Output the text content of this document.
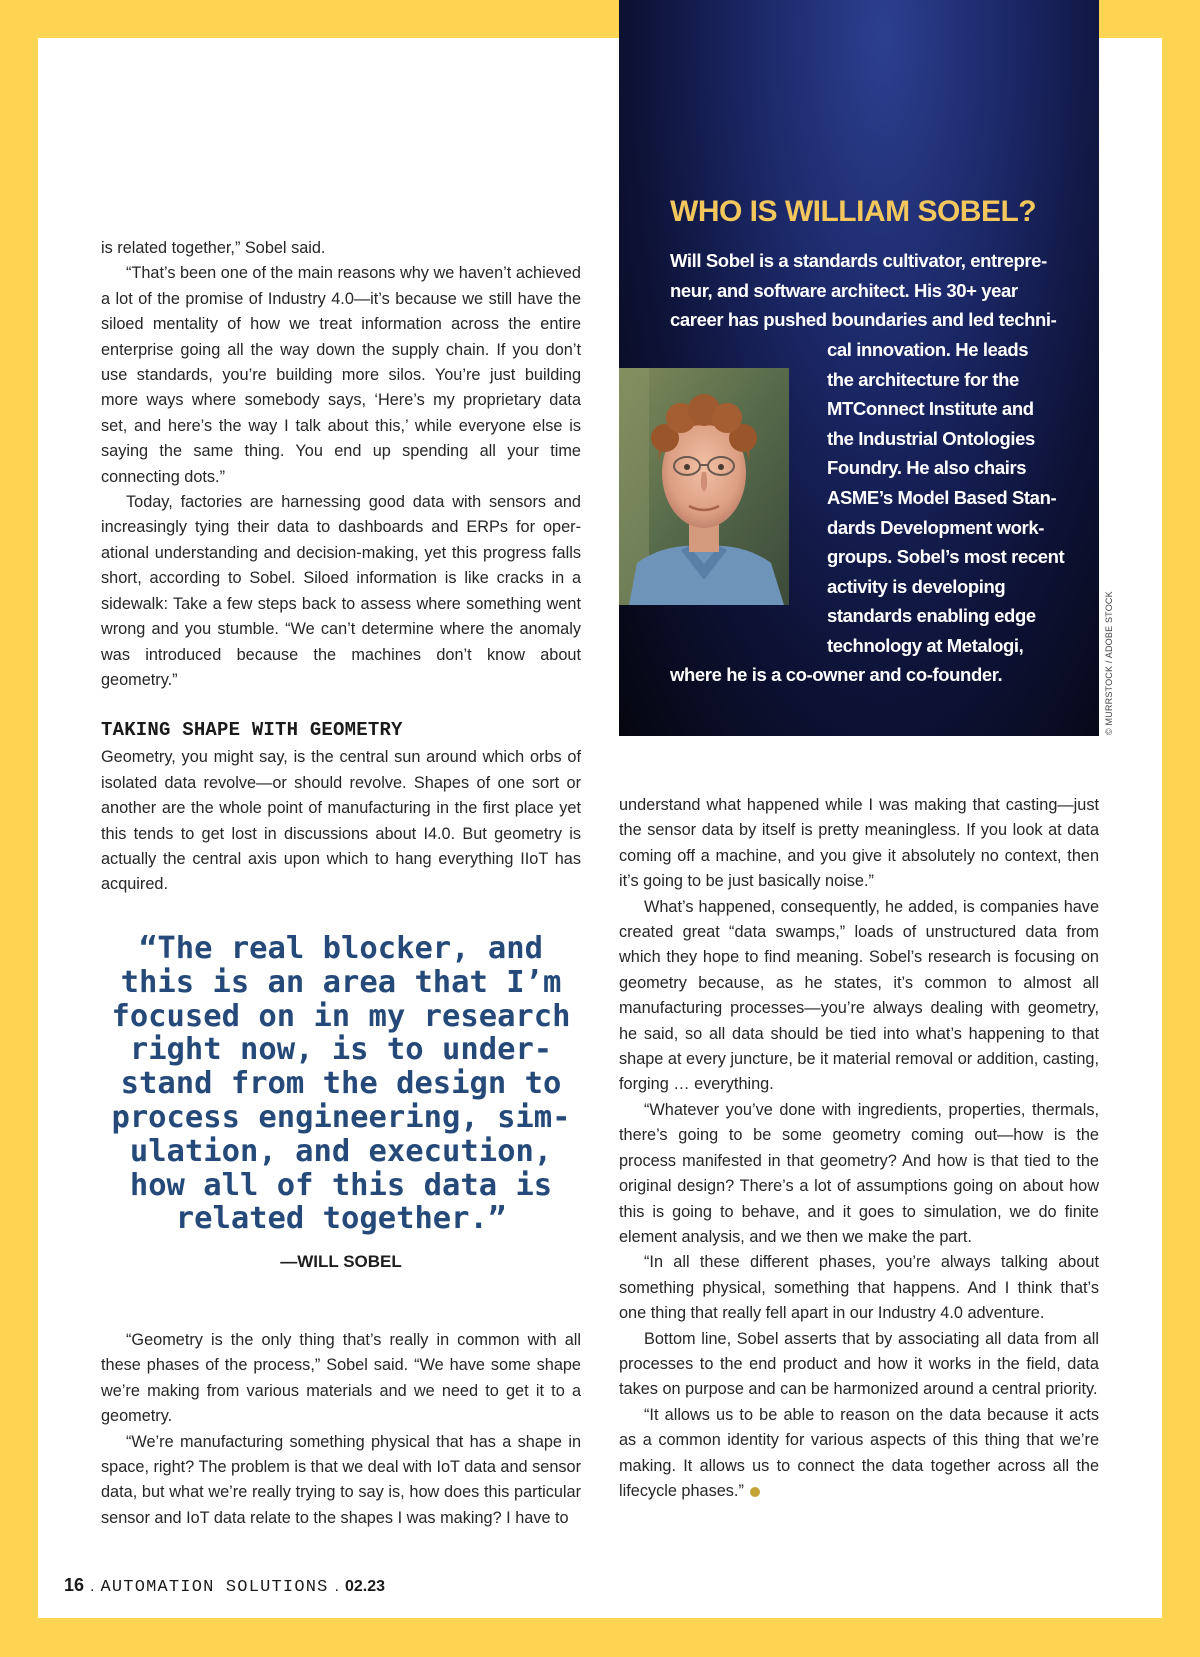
is related together,” Sobel said.

“That’s been one of the main reasons why we haven’t achieved a lot of the promise of Industry 4.0—it’s because we still have the siloed mentality of how we treat information across the entire enterprise going all the way down the supply chain. If you don’t use standards, you’re building more silos. You’re just building more ways where somebody says, ‘Here’s my proprietary data set, and here’s the way I talk about this,’ while everyone else is saying the same thing. You end up spending all your time connecting dots.”

Today, factories are harnessing good data with sensors and increasingly tying their data to dashboards and ERPs for operational understanding and decision-making, yet this progress falls short, according to Sobel. Siloed information is like cracks in a sidewalk: Take a few steps back to assess where something went wrong and you stumble. “We can’t determine where the anomaly was introduced because the machines don’t know about geometry.”

TAKING SHAPE WITH GEOMETRY

Geometry, you might say, is the central sun around which orbs of isolated data revolve—or should revolve. Shapes of one sort or another are the whole point of manufacturing in the first place yet this tends to get lost in discussions about I4.0. But geometry is actually the central axis upon which to hang everything IIoT has acquired.

“The real blocker, and
this is an area that I’m
focused on in my research
right now, is to under-
stand from the design to
process engineering, sim-
ulation, and execution,
how all of this data is
related together.”
—WILL SOBEL

“Geometry is the only thing that’s really in common with all these phases of the process,” Sobel said. “We have some shape we’re making from various materials and we need to get it to a geometry.

“We’re manufacturing something physical that has a shape in space, right? The problem is that we deal with IoT data and sensor data, but what we’re really trying to say is, how does this particular sensor and IoT data relate to the shapes I was making? I have to

WHO IS WILLIAM SOBEL?
Will Sobel is a standards cultivator, entrepre-
neur, and software architect. His 30+ year
career has pushed boundaries and led techni-
cal innovation. He leads
the architecture for the
MTConnect Institute and
the Industrial Ontologies
Foundry. He also chairs
ASME’s Model Based Stan-
dards Development work-
groups. Sobel’s most recent
activity is developing
standards enabling edge
technology at Metalogi,
where he is a co-owner and co-founder.	© MURRSTOCK / ADOBE STOCK

understand what happened while I was making that casting—just the sensor data by itself is pretty meaningless. If you look at data coming off a machine, and you give it absolutely no context, then it’s going to be just basically noise.”

What’s happened, consequently, he added, is companies have created great “data swamps,” loads of unstructured data from which they hope to find meaning. Sobel’s research is focusing on geometry because, as he states, it’s common to almost all manufacturing processes—you’re always dealing with geometry, he said, so all data should be tied into what’s happening to that shape at every juncture, be it material removal or addition, casting, forging … everything.

“Whatever you’ve done with ingredients, properties, thermals, there’s going to be some geometry coming out—how is the process manifested in that geometry? And how is that tied to the original design? There’s a lot of assumptions going on about how this is going to behave, and it goes to simulation, we do finite element analysis, and we then we make the part.

“In all these different phases, you’re always talking about something physical, something that happens. And I think that’s one thing that really fell apart in our Industry 4.0 adventure.

Bottom line, Sobel asserts that by associating all data from all processes to the end product and how it works in the field, data takes on purpose and can be harmonized around a central priority.

“It allows us to be able to reason on the data because it acts as a common identity for various aspects of this thing that we’re making. It allows us to connect the data together across all the lifecycle phases.”

16 . AUTOMATION SOLUTIONS . 02.23
